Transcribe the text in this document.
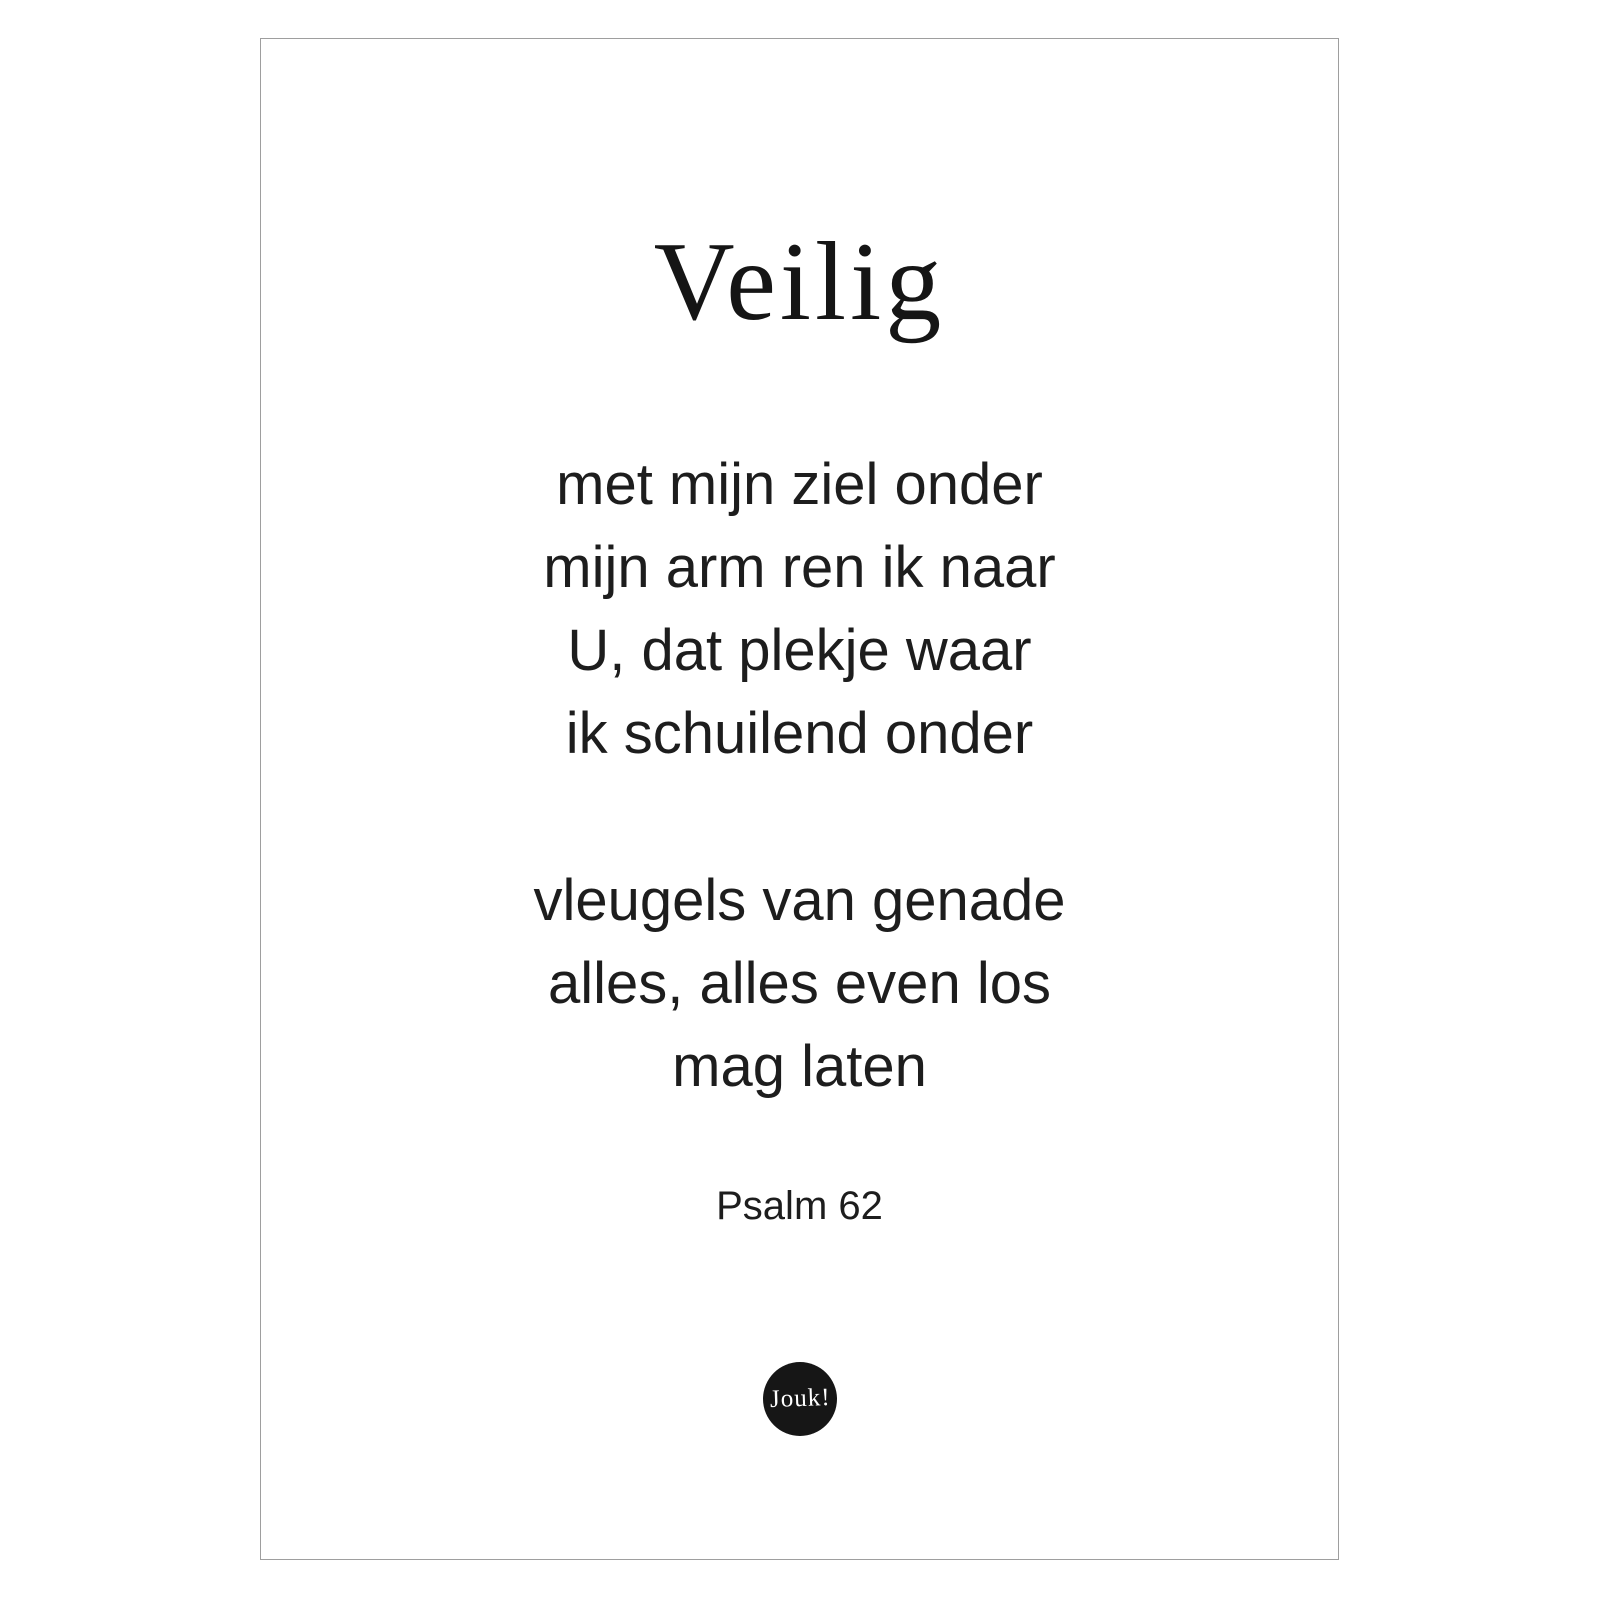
Veilig
met mijn ziel onder
mijn arm ren ik naar
U, dat plekje waar
ik schuilend onder
vleugels van genade
alles, alles even los
mag laten
Psalm 62
Jouk!
